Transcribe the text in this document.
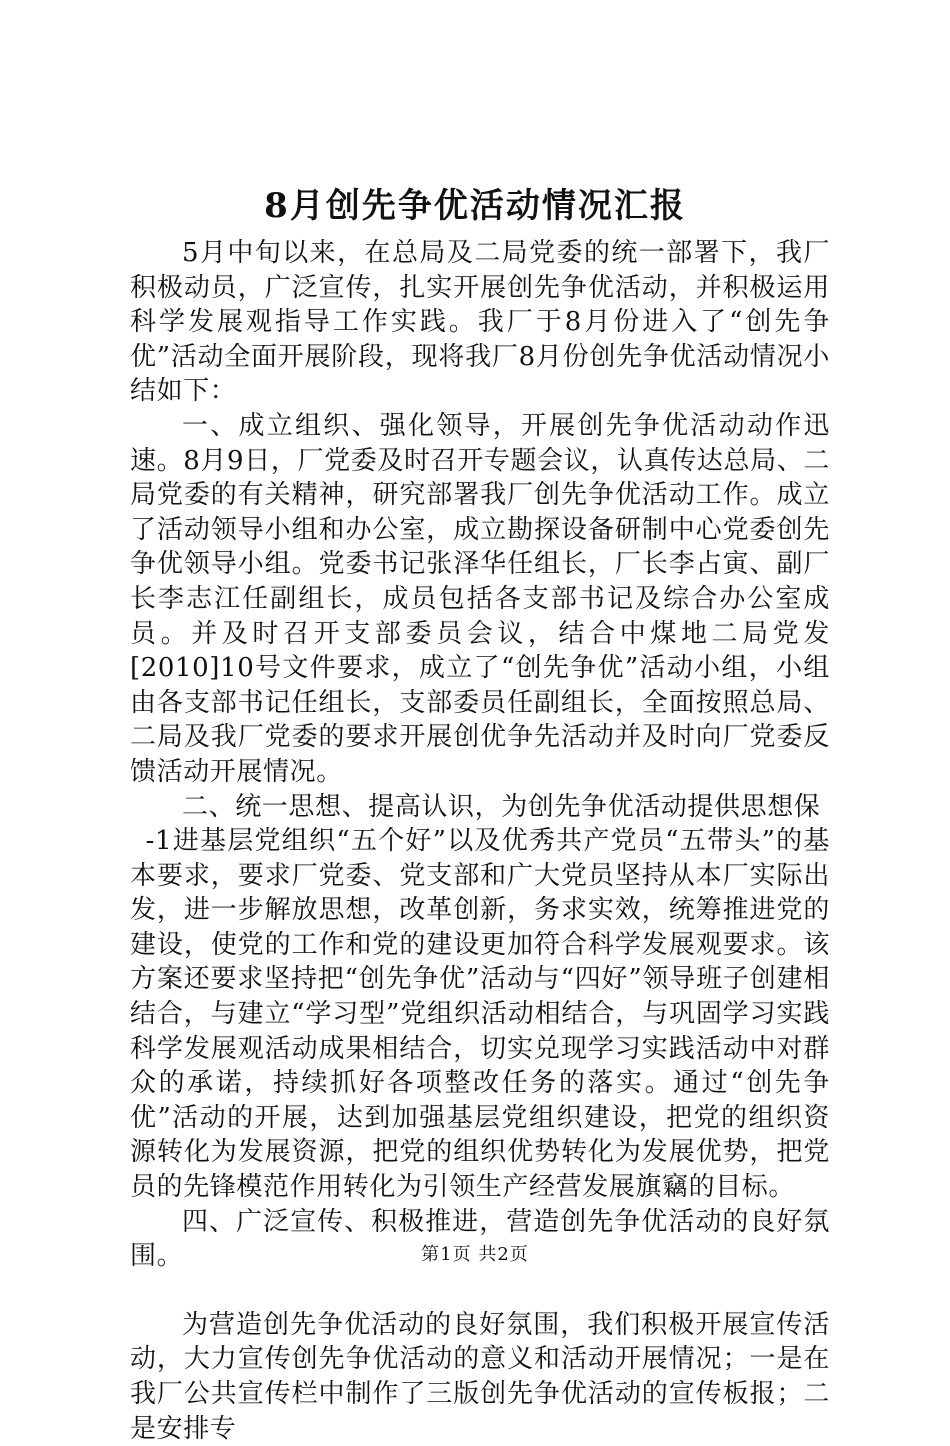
8月创先争优活动情况汇报

5月中旬以来，在总局及二局党委的统一部署下，我厂积极动员，广泛宣传，扎实开展创先争优活动，并积极运用科学发展观指导工作实践。我厂于8月份进入了“创先争优”活动全面开展阶段，现将我厂8月份创先争优活动情况小结如下：

一、成立组织、强化领导，开展创先争优活动动作迅速。8月9日，厂党委及时召开专题会议，认真传达总局、二局党委的有关精神，研究部署我厂创先争优活动工作。成立了活动领导小组和办公室，成立勘探设备研制中心党委创先争优领导小组。党委书记张泽华任组长，厂长李占寅、副厂长李志江任副组长，成员包括各支部书记及综合办公室成员。并及时召开支部委员会议，结合中煤地二局党发[2010]10号文件要求，成立了“创先争优”活动小组，小组由各支部书记任组长，支部委员任副组长，全面按照总局、二局及我厂党委的要求开展创优争先活动并及时向厂党委反馈活动开展情况。

二、统一思想、提高认识，为创先争优活动提供思想保

-1进基层党组织“五个好”以及优秀共产党员“五带头”的基本要求，要求厂党委、党支部和广大党员坚持从本厂实际出发，进一步解放思想，改革创新，务求实效，统筹推进党的建设，使党的工作和党的建设更加符合科学发展观要求。该方案还要求坚持把“创先争优”活动与“四好”领导班子创建相结合，与建立“学习型”党组织活动相结合，与巩固学习实践科学发展观活动成果相结合，切实兑现学习实践活动中对群众的承诺，持续抓好各项整改任务的落实。通过“创先争优”活动的开展，达到加强基层党组织建设，把党的组织资源转化为发展资源，把党的组织优势转化为发展优势，把党员的先锋模范作用转化为引领生产经营发展旗竊的目标。

四、广泛宣传、积极推进，营造创先争优活动的良好氛围。

为营造创先争优活动的良好氛围，我们积极开展宣传活动，大力宣传创先争优活动的意义和活动开展情况；一是在我厂公共宣传栏中制作了三版创先争优活动的宣传板报；二是安排专

第1页 共2页
